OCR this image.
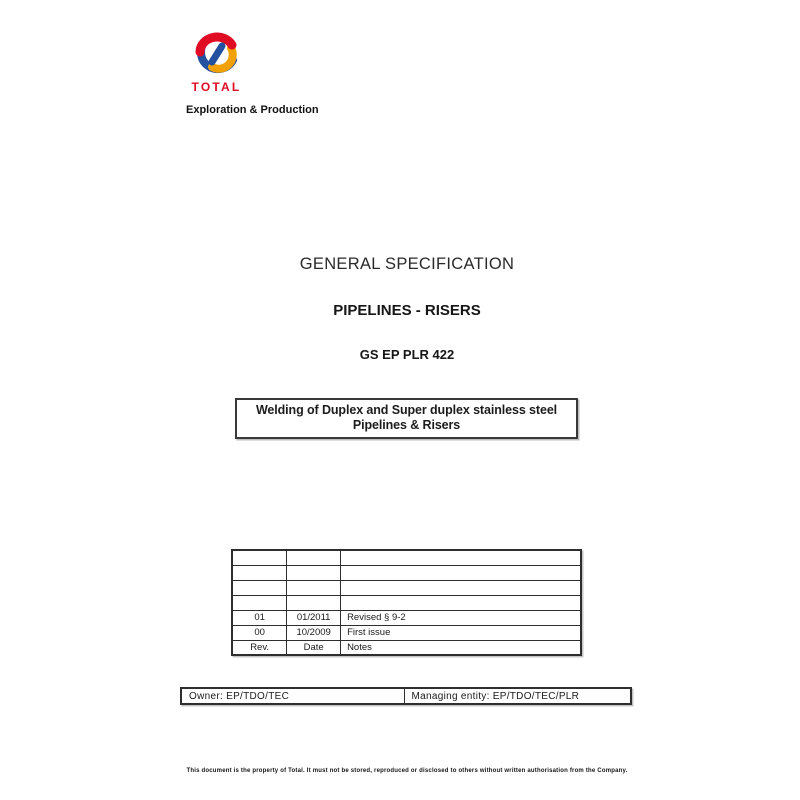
TOTAL
Exploration & Production
GENERAL SPECIFICATION
PIPELINES - RISERS
GS EP PLR 422
Welding of Duplex and Super duplex stainless steel
Pipelines & Risers

01	01/2011	Revised § 9-2
00	10/2009	First issue
Rev.	Date	Notes
Owner: EP/TDO/TEC	Managing entity: EP/TDO/TEC/PLR
This document is the property of Total. It must not be stored, reproduced or disclosed to others without written authorisation from the Company.
